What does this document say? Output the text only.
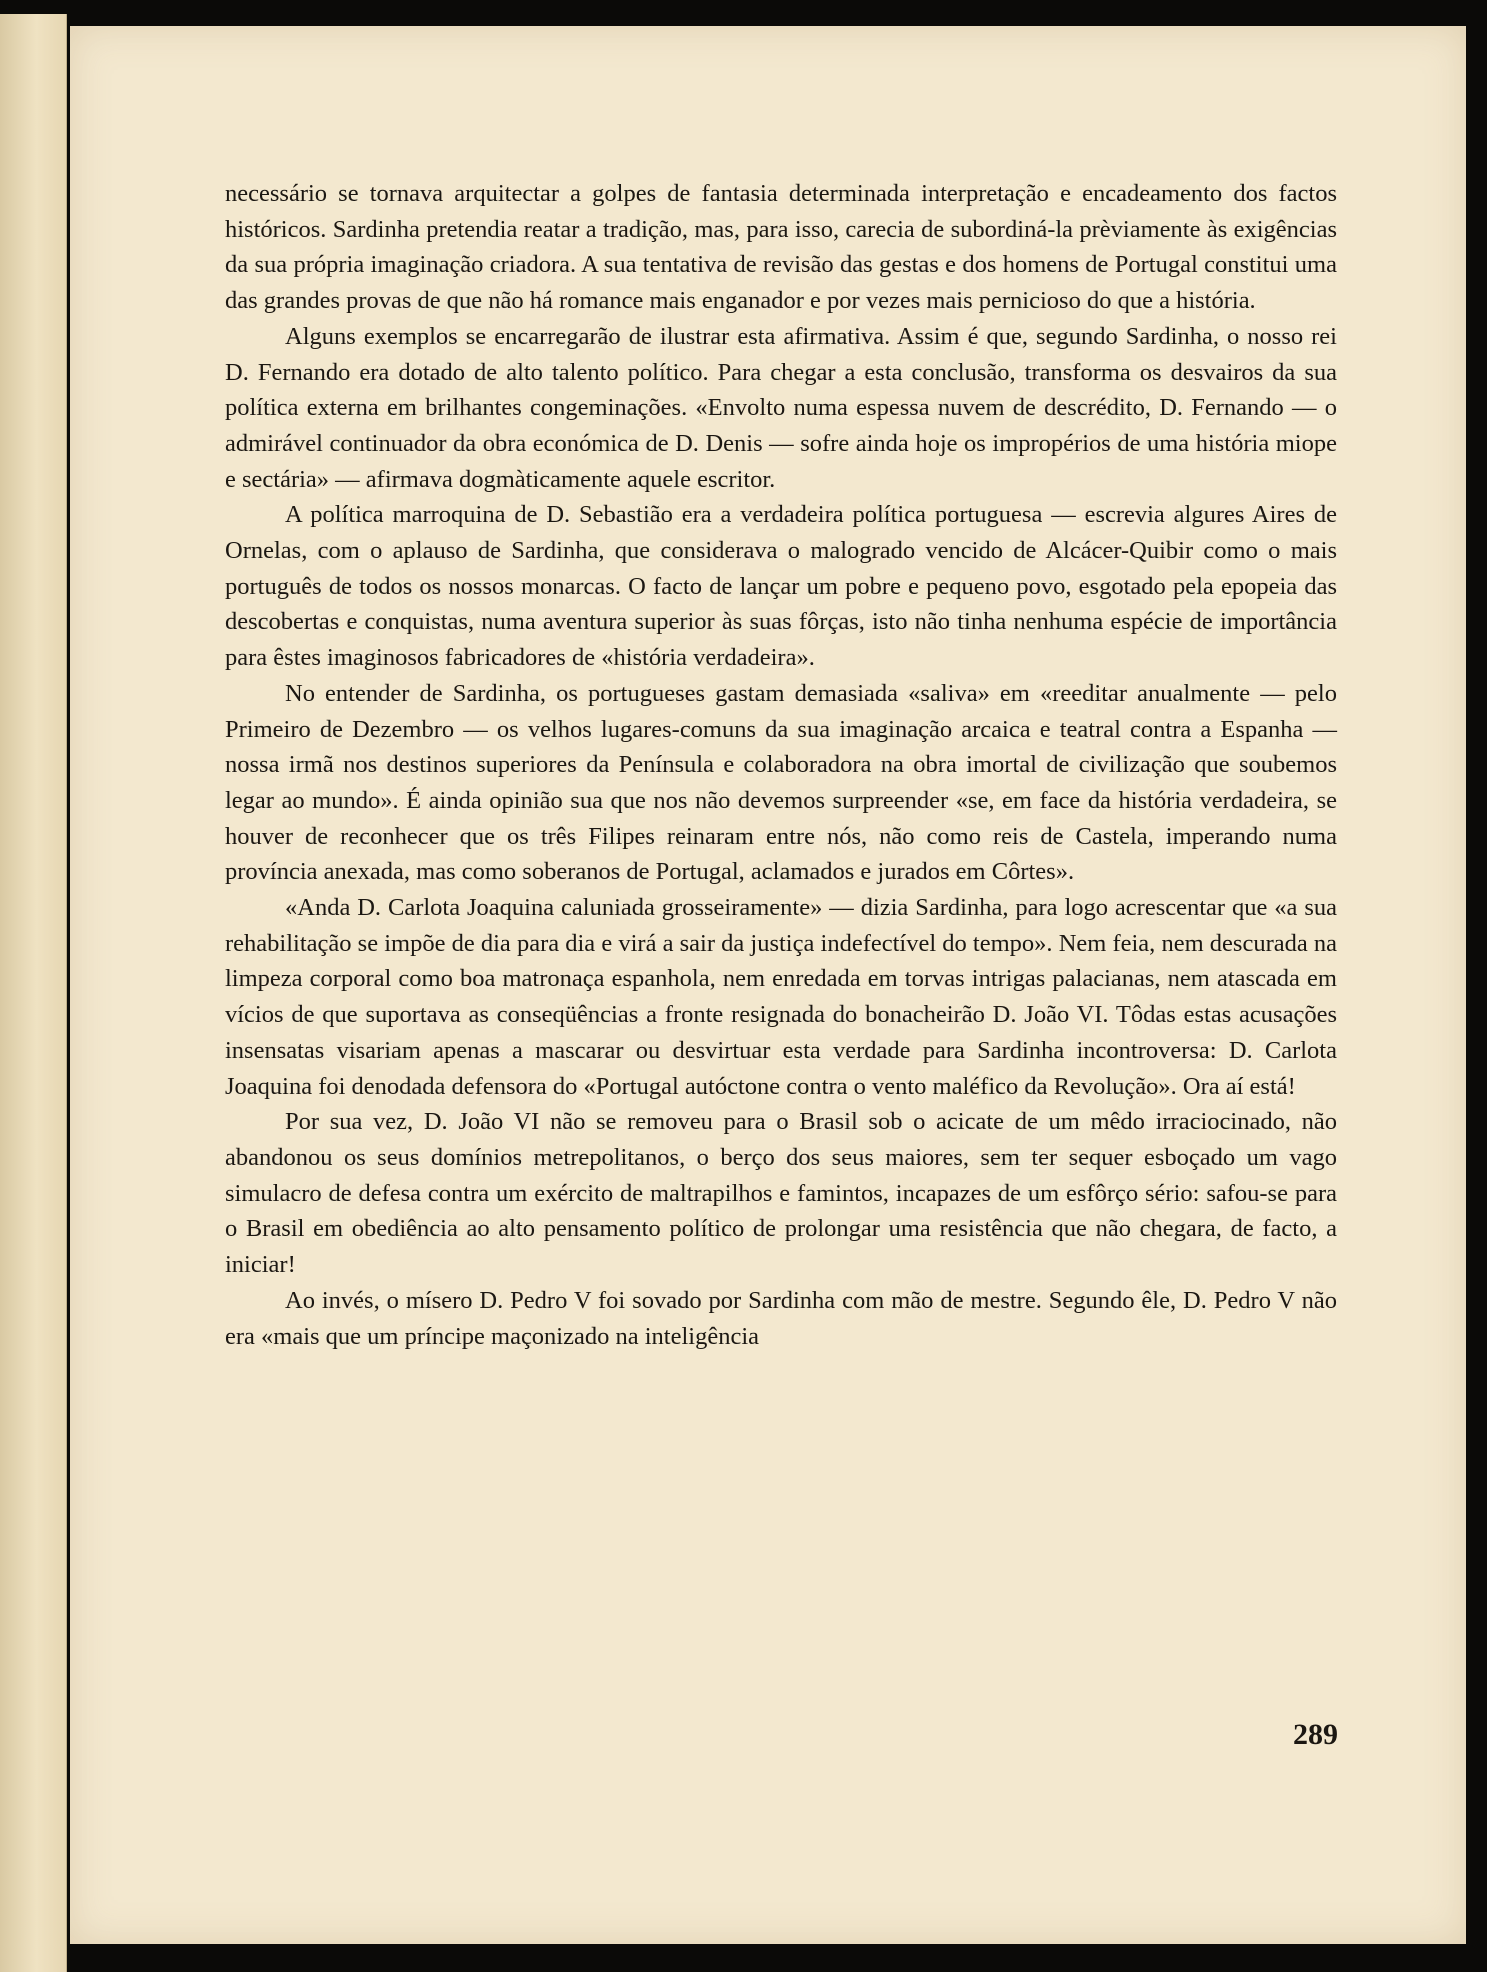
necessário se tornava arquitectar a golpes de fantasia determinada interpretação e encadeamento dos factos históricos. Sardinha pretendia reatar a tradição, mas, para isso, carecia de subordiná-la prèviamente às exigências da sua própria imaginação criadora. A sua tentativa de revisão das gestas e dos homens de Portugal constitui uma das grandes provas de que não há romance mais enganador e por vezes mais pernicioso do que a história.

Alguns exemplos se encarregarão de ilustrar esta afirmativa. Assim é que, segundo Sardinha, o nosso rei D. Fernando era dotado de alto talento político. Para chegar a esta conclusão, transforma os desvairos da sua política externa em brilhantes congeminações. «Envolto numa espessa nuvem de descrédito, D. Fernando — o admirável continuador da obra económica de D. Denis — sofre ainda hoje os impropérios de uma história miope e sectária» — afirmava dogmàticamente aquele escritor.

A política marroquina de D. Sebastião era a verdadeira política portuguesa — escrevia algures Aires de Ornelas, com o aplauso de Sardinha, que considerava o malogrado vencido de Alcácer-Quibir como o mais português de todos os nossos monarcas. O facto de lançar um pobre e pequeno povo, esgotado pela epopeia das descobertas e conquistas, numa aventura superior às suas fôrças, isto não tinha nenhuma espécie de importância para êstes imaginosos fabricadores de «história verdadeira».

No entender de Sardinha, os portugueses gastam demasiada «saliva» em «reeditar anualmente — pelo Primeiro de Dezembro — os velhos lugares-comuns da sua imaginação arcaica e teatral contra a Espanha — nossa irmã nos destinos superiores da Península e colaboradora na obra imortal de civilização que soubemos legar ao mundo». É ainda opinião sua que nos não devemos surpreender «se, em face da história verdadeira, se houver de reconhecer que os três Filipes reinaram entre nós, não como reis de Castela, imperando numa província anexada, mas como soberanos de Portugal, aclamados e jurados em Côrtes».

«Anda D. Carlota Joaquina caluniada grosseiramente» — dizia Sardinha, para logo acrescentar que «a sua rehabilitação se impõe de dia para dia e virá a sair da justiça indefectível do tempo». Nem feia, nem descurada na limpeza corporal como boa matronaça espanhola, nem enredada em torvas intrigas palacianas, nem atascada em vícios de que suportava as conseqüências a fronte resignada do bonacheirão D. João VI. Tôdas estas acusações insensatas visariam apenas a mascarar ou desvirtuar esta verdade para Sardinha incontroversa: D. Carlota Joaquina foi denodada defensora do «Portugal autóctone contra o vento maléfico da Revolução». Ora aí está!

Por sua vez, D. João VI não se removeu para o Brasil sob o acicate de um mêdo irraciocinado, não abandonou os seus domínios metrepolitanos, o berço dos seus maiores, sem ter sequer esboçado um vago simulacro de defesa contra um exército de maltrapilhos e famintos, incapazes de um esfôrço sério: safou-se para o Brasil em obediência ao alto pensamento político de prolongar uma resistência que não chegara, de facto, a iniciar!

Ao invés, o mísero D. Pedro V foi sovado por Sardinha com mão de mestre. Segundo êle, D. Pedro V não era «mais que um príncipe maçonizado na inteligência

289
